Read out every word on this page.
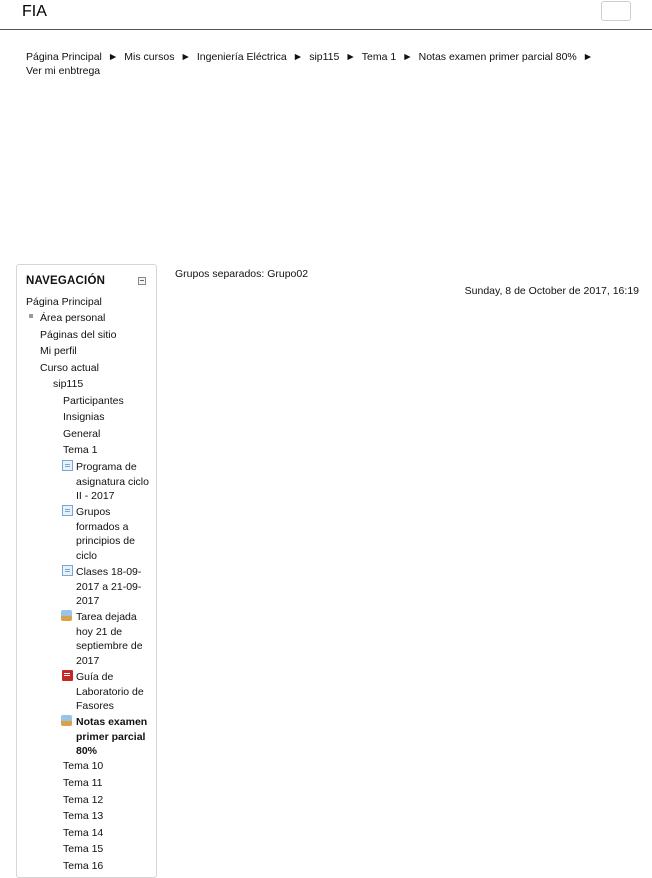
FIA
Página Principal ► Mis cursos ► Ingeniería Eléctrica ► sip115 ► Tema 1 ► Notas examen primer parcial 80% ►
Ver mi enbtrega
NAVEGACIÓN
Página Principal
Área personal
Páginas del sitio
Mi perfil
Curso actual
sip115
Participantes
Insignias
General
Tema 1
Programa de
asignatura ciclo
II - 2017
Grupos
formados a
principios de
ciclo
Clases 18-09-
2017 a 21-09-
2017
Tarea dejada
hoy 21 de
septiembre de
2017
Guía de
Laboratorio de
Fasores
Notas examen
primer parcial
80%
Tema 10
Tema 11
Tema 12
Tema 13
Tema 14
Tema 15
Tema 16
Grupos separados: Grupo02
Sunday, 8 de October de 2017, 16:19
